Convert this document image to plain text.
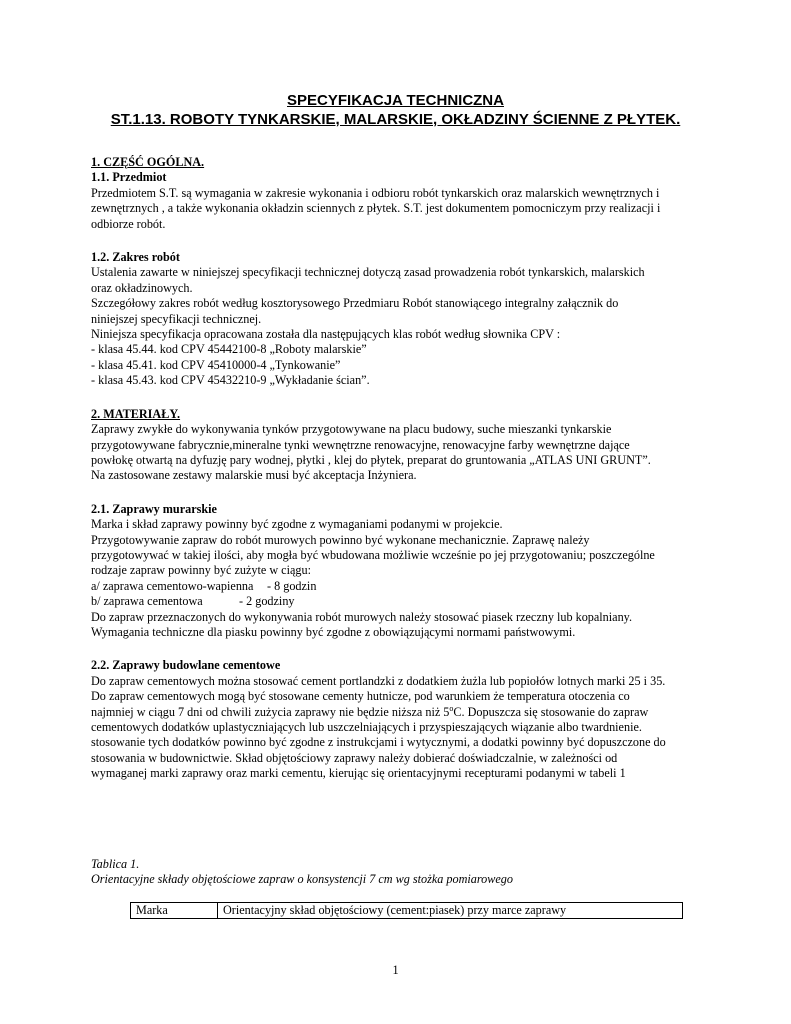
SPECYFIKACJA TECHNICZNA
ST.1.13. ROBOTY TYNKARSKIE, MALARSKIE, OKŁADZINY ŚCIENNE Z PŁYTEK.

1. CZĘŚĆ OGÓLNA.

1.1. Przedmiot

Przedmiotem S.T. są wymagania w zakresie wykonania i odbioru robót tynkarskich oraz malarskich wewnętrznych i

zewnętrznych , a także wykonania okładzin sciennych z płytek. S.T. jest dokumentem pomocniczym przy realizacji i

odbiorze robót.

1.2. Zakres robót

Ustalenia zawarte w niniejszej specyfikacji technicznej dotyczą zasad prowadzenia robót tynkarskich, malarskich

oraz okładzinowych.

Szczegółowy zakres robót według kosztorysowego Przedmiaru Robót stanowiącego integralny załącznik do

niniejszej specyfikacji technicznej.

Niniejsza specyfikacja opracowana została dla następujących klas robót według słownika CPV :

- klasa 45.44. kod CPV 45442100-8 „Roboty malarskie”

- klasa 45.41. kod CPV 45410000-4 „Tynkowanie”

- klasa 45.43. kod CPV 45432210-9 „Wykładanie ścian”.

2. MATERIAŁY.

Zaprawy zwykłe do wykonywania tynków przygotowywane na placu budowy, suche mieszanki tynkarskie

przygotowywane fabrycznie,mineralne tynki wewnętrzne renowacyjne, renowacyjne farby wewnętrzne dające

powłokę otwartą na dyfuzję pary wodnej, płytki , klej do płytek, preparat do gruntowania „ATLAS UNI GRUNT”.

Na zastosowane zestawy malarskie musi być akceptacja Inżyniera.

2.1. Zaprawy murarskie

Marka i skład zaprawy powinny być zgodne z wymaganiami podanymi w projekcie.

Przygotowywanie zapraw do robót murowych powinno być wykonane mechanicznie. Zaprawę należy

przygotowywać w takiej ilości, aby mogła być wbudowana możliwie wcześnie po jej przygotowaniu; poszczególne

rodzaje zapraw powinny być zużyte w ciągu:

a/ zaprawa cementowo-wapienna - 8 godzin

b/ zaprawa cementowa	- 2 godziny

Do zapraw przeznaczonych do wykonywania robót murowych należy stosować piasek rzeczny lub kopalniany.

Wymagania techniczne dla piasku powinny być zgodne z obowiązującymi normami państwowymi.

2.2. Zaprawy budowlane cementowe

Do zapraw cementowych można stosować cement portlandzki z dodatkiem żużla lub popiołów lotnych marki 25 i 35.

Do zapraw cementowych mogą być stosowane cementy hutnicze, pod warunkiem że temperatura otoczenia co

najmniej w ciągu 7 dni od chwili zużycia zaprawy nie będzie niższa niż 5$^o$C. Dopuszcza się stosowanie do zapraw

cementowych dodatków uplastyczniających lub uszczelniających i przyspieszających wiązanie albo twardnienie.

stosowanie tych dodatków powinno być zgodne z instrukcjami i wytycznymi, a dodatki powinny być dopuszczone do

stosowania w budownictwie. Skład objętościowy zaprawy należy dobierać doświadczalnie, w zależności od

wymaganej marki zaprawy oraz marki cementu, kierując się orientacyjnymi recepturami podanymi w tabeli 1

Tablica 1.

Orientacyjne składy objętościowe zapraw o konsystencji 7 cm wg stożka pomiarowego

Marka	Orientacyjny skład objętościowy (cement:piasek) przy marce zaprawy
1
